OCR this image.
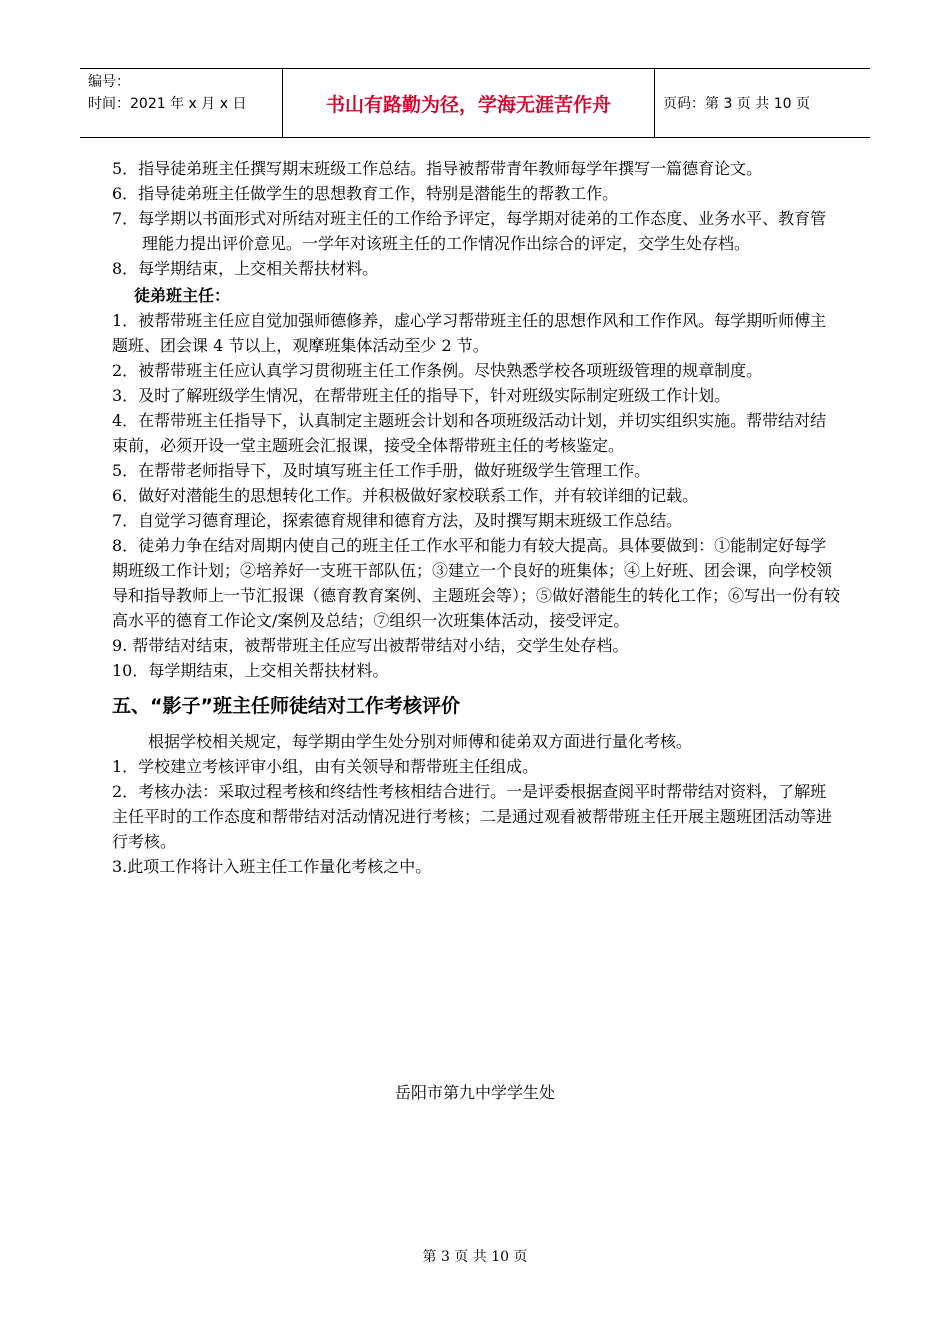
编号：
时间：2021 年 x 月 x 日	书山有路勤为径，学海无涯苦作舟	页码：第 3 页 共 10 页

5．指导徒弟班主任撰写期末班级工作总结。指导被帮带青年教师每学年撰写一篇德育论文。

6．指导徒弟班主任做学生的思想教育工作，特别是潜能生的帮教工作。

7．每学期以书面形式对所结对班主任的工作给予评定，每学期对徒弟的工作态度、业务水平、教育管理能力提出评价意见。一学年对该班主任的工作情况作出综合的评定，交学生处存档。

8．每学期结束，上交相关帮扶材料。

徒弟班主任：

1．被帮带班主任应自觉加强师德修养，虚心学习帮带班主任的思想作风和工作作风。每学期听师傅主题班、团会课 4 节以上，观摩班集体活动至少 2 节。

2．被帮带班主任应认真学习贯彻班主任工作条例。尽快熟悉学校各项班级管理的规章制度。

3．及时了解班级学生情况，在帮带班主任的指导下，针对班级实际制定班级工作计划。

4．在帮带班主任指导下，认真制定主题班会计划和各项班级活动计划，并切实组织实施。帮带结对结束前，必须开设一堂主题班会汇报课，接受全体帮带班主任的考核鉴定。

5．在帮带老师指导下，及时填写班主任工作手册，做好班级学生管理工作。

6．做好对潜能生的思想转化工作。并积极做好家校联系工作，并有较详细的记载。

7．自觉学习德育理论，探索德育规律和德育方法，及时撰写期末班级工作总结。

8．徒弟力争在结对周期内使自己的班主任工作水平和能力有较大提高。具体要做到：①能制定好每学期班级工作计划；②培养好一支班干部队伍；③建立一个良好的班集体；④上好班、团会课，向学校领导和指导教师上一节汇报课（德育教育案例、主题班会等）；⑤做好潜能生的转化工作；⑥写出一份有较高水平的德育工作论文/案例及总结；⑦组织一次班集体活动，接受评定。

9. 帮带结对结束，被帮带班主任应写出被帮带结对小结，交学生处存档。

10．每学期结束，上交相关帮扶材料。

五、“影子”班主任师徒结对工作考核评价

根据学校相关规定，每学期由学生处分别对师傅和徒弟双方面进行量化考核。

1．学校建立考核评审小组，由有关领导和帮带班主任组成。

2．考核办法：采取过程考核和终结性考核相结合进行。一是评委根据查阅平时帮带结对资料，了解班主任平时的工作态度和帮带结对活动情况进行考核；二是通过观看被帮带班主任开展主题班团活动等进行考核。

3.此项工作将计入班主任工作量化考核之中。

岳阳市第九中学学生处
第 3 页 共 10 页
